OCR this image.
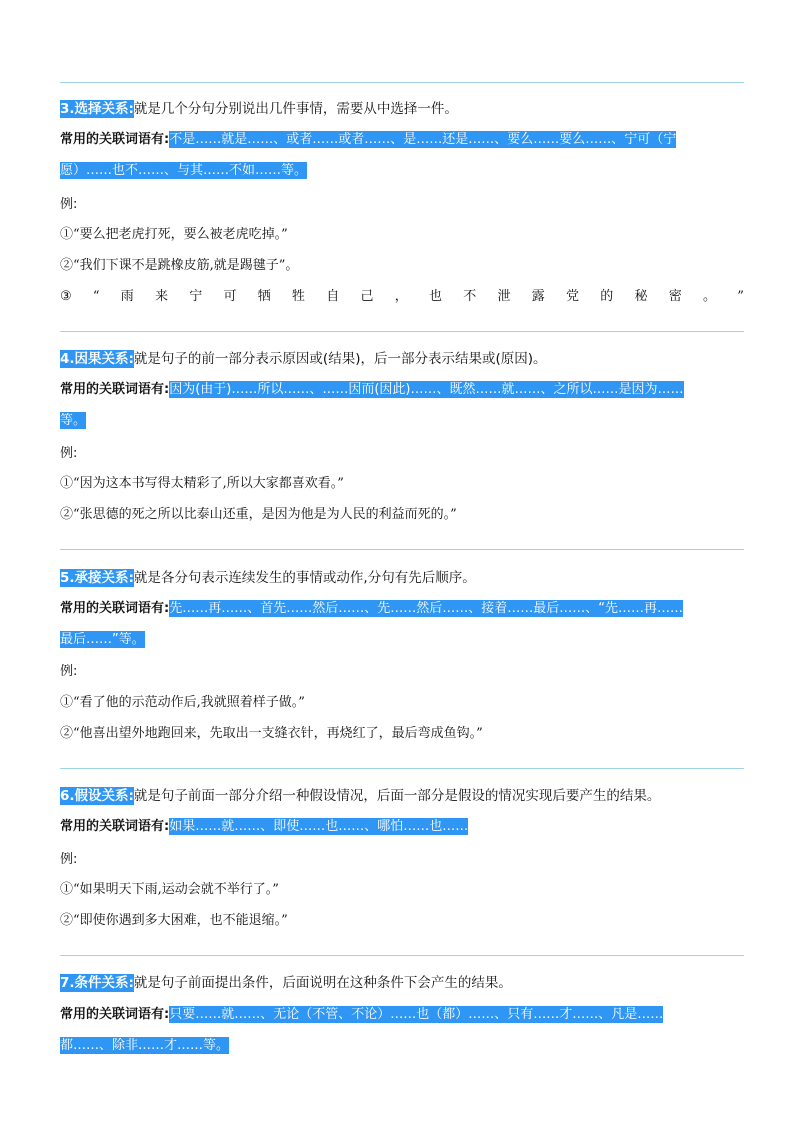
3.选择关系:就是几个分句分别说出几件事情，需要从中选择一件。
常用的关联词语有:不是……就是……、或者……或者……、是……还是……、要么……要么……、宁可（宁
愿）……也不……、与其……不如……等。
例:
①“要么把老虎打死，要么被老虎吃掉。”
②“我们下课不是跳橡皮筋,就是踢毽子”。
③ “ 雨 来 宁 可 牺 牲 自 己 ， 也 不 泄 露 党 的 秘 密 。 ”
4.因果关系:就是句子的前一部分表示原因或(结果)，后一部分表示结果或(原因)。
常用的关联词语有:因为(由于)……所以……、……因而(因此)……、既然……就……、之所以……是因为……
等。
例:
①“因为这本书写得太精彩了,所以大家都喜欢看。”
②“张思德的死之所以比泰山还重，是因为他是为人民的利益而死的。”
5.承接关系:就是各分句表示连续发生的事情或动作,分句有先后顺序。
常用的关联词语有:先……再……、首先……然后……、先……然后……、接着……最后……、“先……再……
最后……”等。
例:
①“看了他的示范动作后,我就照着样子做。”
②“他喜出望外地跑回来，先取出一支缝衣针，再烧红了，最后弯成鱼钩。”
6.假设关系:就是句子前面一部分介绍一种假设情况，后面一部分是假设的情况实现后要产生的结果。
常用的关联词语有:如果……就……、即使……也……、哪怕……也……
例:
①“如果明天下雨,运动会就不举行了。”
②“即使你遇到多大困难，也不能退缩。”
7.条件关系:就是句子前面提出条件，后面说明在这种条件下会产生的结果。
常用的关联词语有:只要……就……、无论（不管、不论）……也（都）……、只有……才……、凡是……
都……、除非……才……等。
